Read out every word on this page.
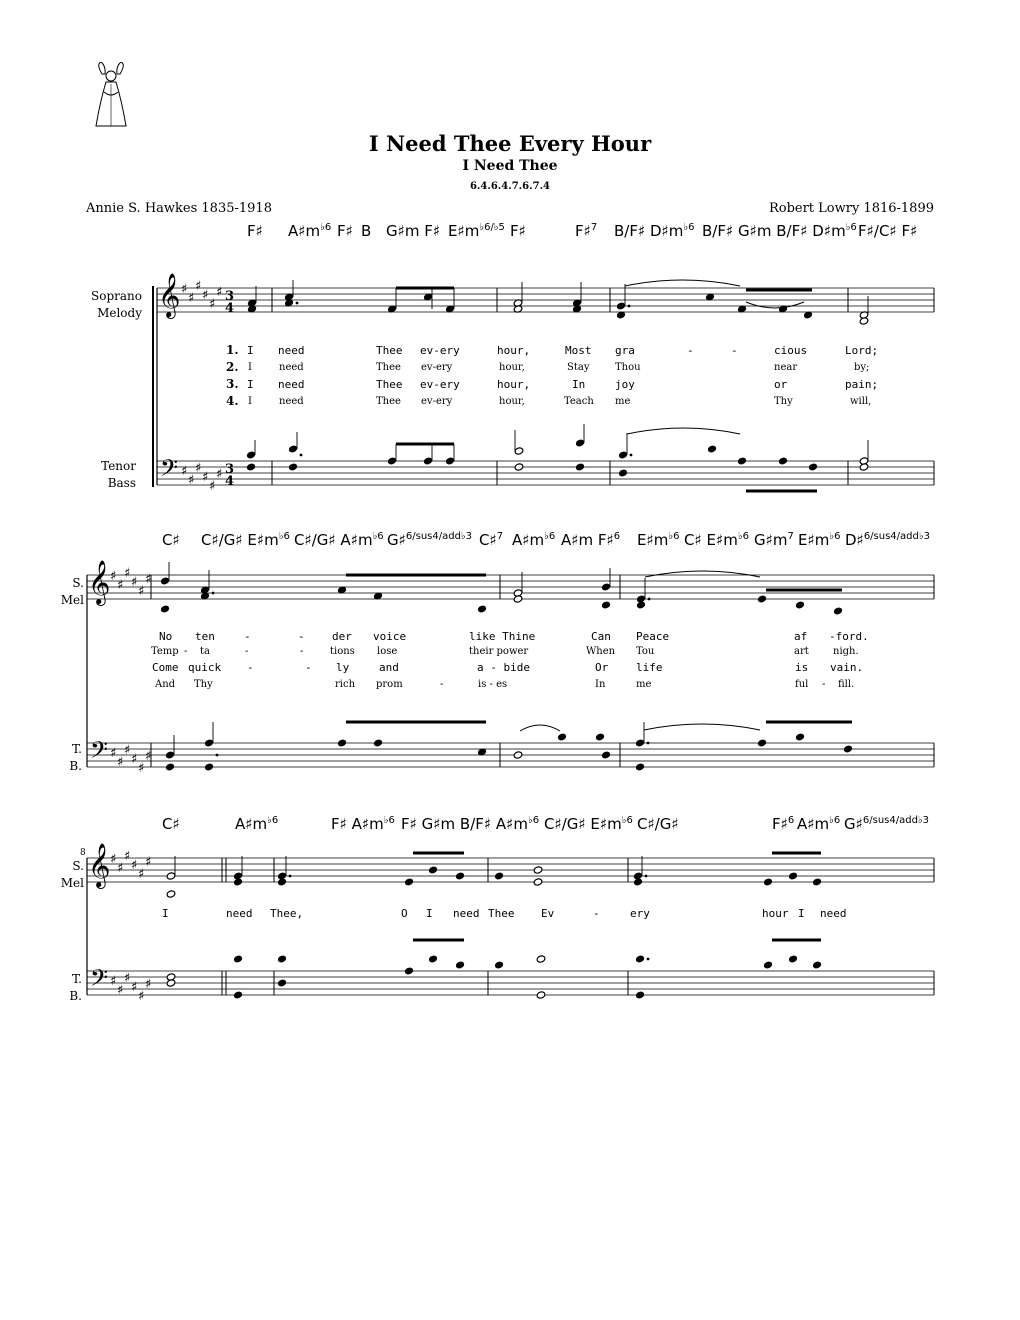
I Need Thee Every Hour
I Need Thee
6.4.6.4.7.6.7.4
Annie S. Hawkes 1835-1918	Robert Lowry 1816-1899
F♯ $A♯m^{♭6}$ F♯ B G♯m F♯ $E♯m^{♭6/♭5}$ F♯	F♯$^7$ B/F♯ $D♯m^{♭6}$ B/F♯ G♯m B/F♯ $D♯m^{♭6}$ F♯/C♯ F♯
C♯ C♯/G♯ $E♯m^{♭6}$ C♯/G♯ $A♯m^{♭6}$ G♯$^{6/sus4/add♭3}$ C♯$^7$ $A♯m^{♭6}$ A♯m F♯$^6$ $E♯m^{♭6}$ C♯ $E♯m^{♭6}$ $G♯m^7$ $E♯m^{♭6}$ D♯$^{6/sus4/add♭3}$
C♯	$A♯m^{♭6}$	F♯ $A♯m^{♭6}$ F♯ G♯m B/F♯ $A♯m^{♭6}$ C♯/G♯ $E♯m^{♭6}$ C♯/G♯	F♯$^6$ $A♯m^{♭6}$ G♯$^{6/sus4/add♭3}$
Soprano
Melody
Tenor
Bass
S.
Mel
T.
B.
S.
Mel
T.
B.
8
𝄞
𝄢
♯
♯
♯
♯
♯
♯
♯
♯
♯
♯
♯
♯
3
4
3
4
𝄞
𝄢
♯
♯
♯
♯
♯
♯
♯
♯
♯
♯
♯
♯
𝄞
𝄢
♯
♯
♯
♯
♯
♯
♯
♯
♯
♯
♯
♯
1.
2.
3.
4.
I need	Thee ev-ery	hour,	Most gra	-	-	cious	Lord;
I	need	Thee ev-ery	hour,	Stay	Thou	near	by;
I need	Thee ev-ery	hour,	In	joy	or	pain;
I	need	Thee ev-ery	hour,	Teach me	Thy	will,
No ten	-	- der voice	like Thine	Can Peace	af -ford.
Temp - ta	-	-	tions lose	their power	When Tou	art nigh.
Come quick -	- ly	and	a - bide	Or	life	is vain.
And Thy	rich prom	-	is - es	In	me	ful - fill.
I	need Thee,	O I need Thee Ev	-	ery	hour I need
